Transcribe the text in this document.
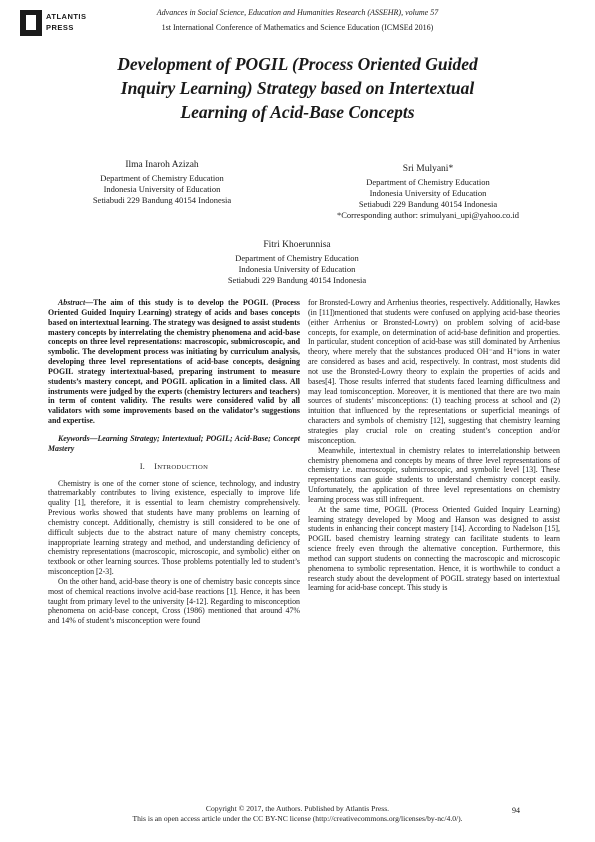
ATLANTIS
PRESS
Advances in Social Science, Education and Humanities Research (ASSEHR), volume 57
1st International Conference of Mathematics and Science Education (ICMSEd 2016)
Development of POGIL (Process Oriented Guided
Inquiry Learning) Strategy based on Intertextual
Learning of Acid-Base Concepts
Ilma Inaroh Azizah
Department of Chemistry Education
Indonesia University of Education
Setiabudi 229 Bandung 40154 Indonesia
Sri Mulyani*
Department of Chemistry Education
Indonesia University of Education
Setiabudi 229 Bandung 40154 Indonesia
*Corresponding author: srimulyani_upi@yahoo.co.id
Fitri Khoerunnisa
Department of Chemistry Education
Indonesia University of Education
Setiabudi 229 Bandung 40154 Indonesia

Abstract—The aim of this study is to develop the POGIL (Process Oriented Guided Inquiry Learning) strategy of acids and bases concepts based on intertextual learning. The strategy was designed to assist students mastery concepts by interrelating the chemistry phenomena and acid-base concepts on three level representations: macroscopic, submicroscopic, and symbolic. The development process was initiating by curriculum analysis, developing three level representations of acid-base concepts, designing POGIL strategy intertextual-based, preparing instrument to measure students’s mastery concept, and POGIL aplication in a limited class. All instruments were judged by the experts (chemistry lecturers and teachers) in term of content validity. The results were considered valid by all validators with some improvements based on the validator’s suggestions and expertise.

Keywords—Learning Strategy; Intertextual; POGIL; Acid-Base; Concept Mastery

I. INTRODUCTION

Chemistry is one of the corner stone of science, technology, and industry thatremarkably contributes to living existence, especially to improve life quality [1], therefore, it is essential to learn chemistry comprehensively. Previous works showed that students have many problems on learning of chemistry concept. Additionally, chemistry is still considered to be one of difficult subjects due to the abstract nature of many chemistry concepts, inappropriate learning strategy and method, and understanding deficiency of chemistry representations (macroscopic, microscopic, and symbolic) either on textbook or other learning sources. Those problems potentially led to student’s misconception [2-3].

On the other hand, acid-base theory is one of chemistry basic concepts since most of chemical reactions involve acid-base reactions [1]. Hence, it has been taught from primary level to the university [4-12]. Regarding to misconception phenomena on acid-base concept, Cross (1986) mentioned that around 47% and 14% of student’s misconception were found

for Bronsted-Lowry and Arrhenius theories, respectively. Additionally, Hawkes (in [11])mentioned that students were confused on applying acid-base theories (either Arrhenius or Bronsted-Lowry) on problem solving of acid-base concepts, for example, on determination of acid-base definition and properties. In particular, student conception of acid-base was still dominated by Arrhenius theory, where merely that the substances produced OH⁻and H⁺ions in water are considered as bases and acid, respectively. In contrast, most students did not use the Bronsted-Lowry theory to explain the properties of acids and bases[4]. Those results inferred that students faced learning difficultness and may lead tomisconception. Moreover, it is mentioned that there are two main sources of students’ misconceptions: (1) teaching process at school and (2) intuition that influenced by the representations or superficial meanings of characters and symbols of chemistry [12], suggesting that chemistry learning strategies play crucial role on creating student’s conception and/or misconception.

Meanwhile, intertextual in chemistry relates to interrelationship between chemistry phenomena and concepts by means of three level representations of chemistry i.e. macroscopic, submicroscopic, and symbolic level [13]. These representations can guide students to understand chemistry concept easily. Unfortunately, the application of three level representations on chemistry learning process was still infrequent.

At the same time, POGIL (Process Oriented Guided Inquiry Learning) learning strategy developed by Moog and Hanson was designed to assist students in enhancing their concept mastery [14]. According to Nadelson [15], POGIL based chemistry learning strategy can facilitate students to learn science freely even through the alternative conception. Furthermore, this method can support students on connecting the macroscopic and microscopic phenomena to symbolic representation. Hence, it is worthwhile to conduct a research study about the development of POGIL strategy based on intertextual learning for acid-base concept. This study is

Copyright © 2017, the Authors. Published by Atlantis Press.
This is an open access article under the CC BY-NC license (http://creativecommons.org/licenses/by-nc/4.0/).
94
